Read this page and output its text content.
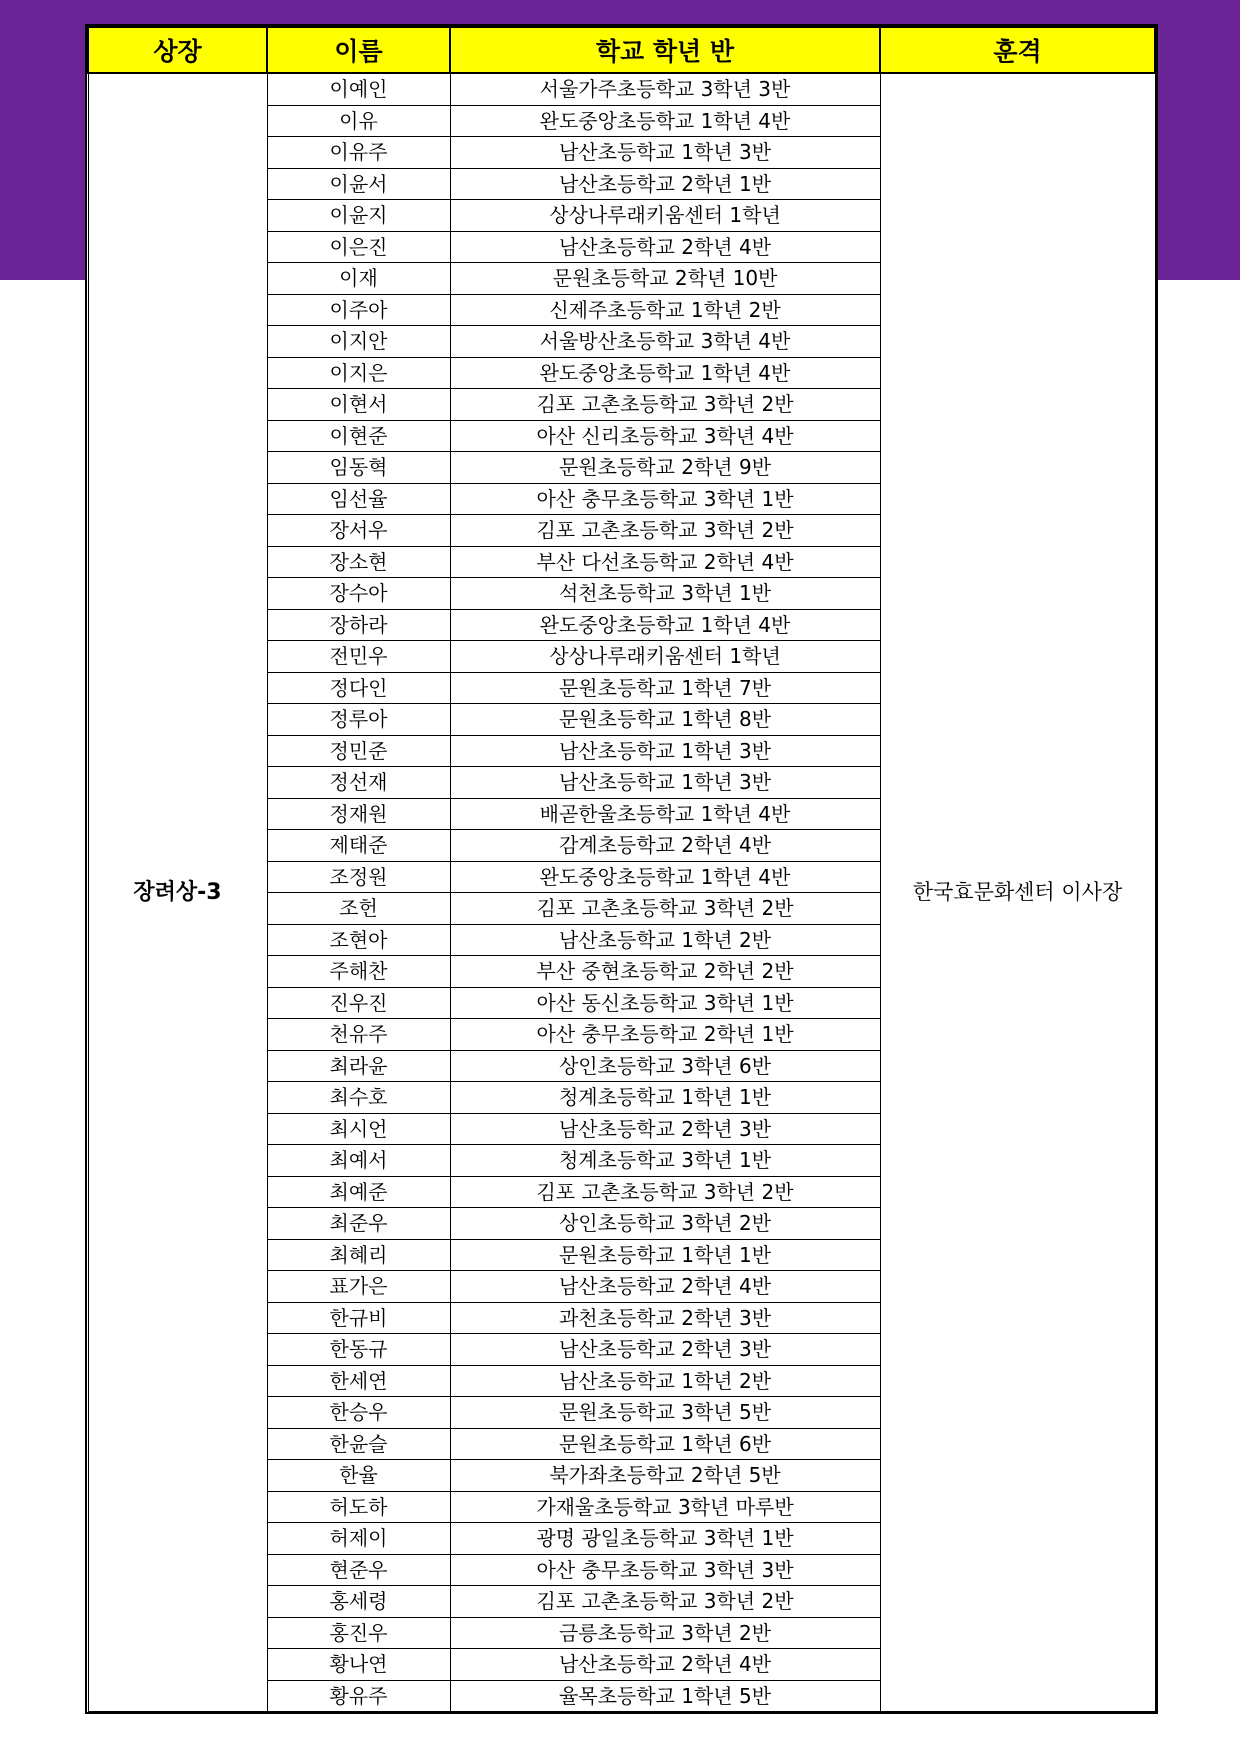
상장	이름	학교 학년 반	훈격
장려상-3	이예인	서울가주초등학교 3학년 3반	한국효문화센터 이사장
	이유	완도중앙초등학교 1학년 4반	
	이유주	남산초등학교 1학년 3반	
	이윤서	남산초등학교 2학년 1반	
	이윤지	상상나루래키움센터 1학년	
	이은진	남산초등학교 2학년 4반	
	이재	문원초등학교 2학년 10반	
	이주아	신제주초등학교 1학년 2반	
	이지안	서울방산초등학교 3학년 4반	
	이지은	완도중앙초등학교 1학년 4반	
	이현서	김포 고촌초등학교 3학년 2반	
	이현준	아산 신리초등학교 3학년 4반	
	임동혁	문원초등학교 2학년 9반	
	임선율	아산 충무초등학교 3학년 1반	
	장서우	김포 고촌초등학교 3학년 2반	
	장소현	부산 다선초등학교 2학년 4반	
	장수아	석천초등학교 3학년 1반	
	장하라	완도중앙초등학교 1학년 4반	
	전민우	상상나루래키움센터 1학년	
	정다인	문원초등학교 1학년 7반	
	정루아	문원초등학교 1학년 8반	
	정민준	남산초등학교 1학년 3반	
	정선재	남산초등학교 1학년 3반	
	정재원	배곧한울초등학교 1학년 4반	
	제태준	감계초등학교 2학년 4반	
	조정원	완도중앙초등학교 1학년 4반	
	조헌	김포 고촌초등학교 3학년 2반	
	조현아	남산초등학교 1학년 2반	
	주해찬	부산 중현초등학교 2학년 2반	
	진우진	아산 동신초등학교 3학년 1반	
	천유주	아산 충무초등학교 2학년 1반	
	최라윤	상인초등학교 3학년 6반	
	최수호	청계초등학교 1학년 1반	
	최시언	남산초등학교 2학년 3반	
	최예서	청계초등학교 3학년 1반	
	최예준	김포 고촌초등학교 3학년 2반	
	최준우	상인초등학교 3학년 2반	
	최혜리	문원초등학교 1학년 1반	
	표가은	남산초등학교 2학년 4반	
	한규비	과천초등학교 2학년 3반	
	한동규	남산초등학교 2학년 3반	
	한세연	남산초등학교 1학년 2반	
	한승우	문원초등학교 3학년 5반	
	한윤슬	문원초등학교 1학년 6반	
	한율	북가좌초등학교 2학년 5반	
	허도하	가재울초등학교 3학년 마루반	
	허제이	광명 광일초등학교 3학년 1반	
	현준우	아산 충무초등학교 3학년 3반	
	홍세령	김포 고촌초등학교 3학년 2반	
	홍진우	금릉초등학교 3학년 2반	
	황나연	남산초등학교 2학년 4반	
	황유주	율목초등학교 1학년 5반	
